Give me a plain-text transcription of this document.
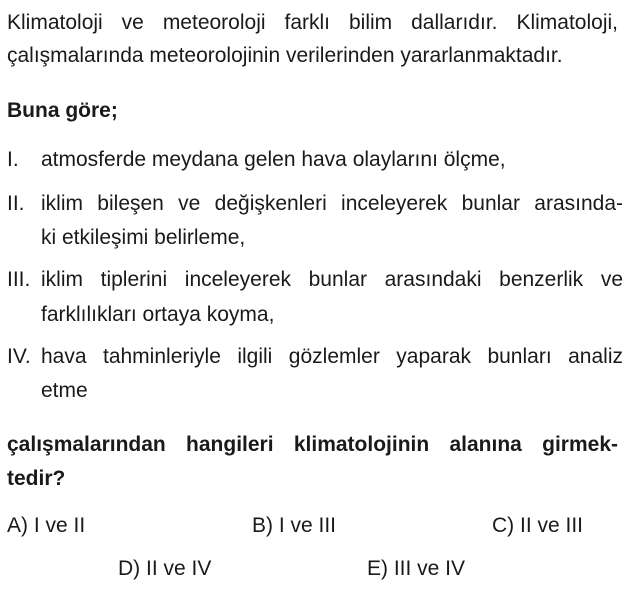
Klimatoloji ve meteoroloji farklı bilim dallarıdır. Klimatoloji,
çalışmalarında meteorolojinin verilerinden yararlanmaktadır.
Buna göre;
I. atmosferde meydana gelen hava olaylarını ölçme,
II. iklim bileşen ve değişkenleri inceleyerek bunlar arasında-
ki etkileşimi belirleme,
III. iklim tiplerini inceleyerek bunlar arasındaki benzerlik ve
farklılıkları ortaya koyma,
IV. hava tahminleriyle ilgili gözlemler yaparak bunları analiz
etme
çalışmalarından hangileri klimatolojinin alanına girmek-
tedir?
A) I ve II	B) I ve III	C) II ve III
D) II ve IV	E) III ve IV
